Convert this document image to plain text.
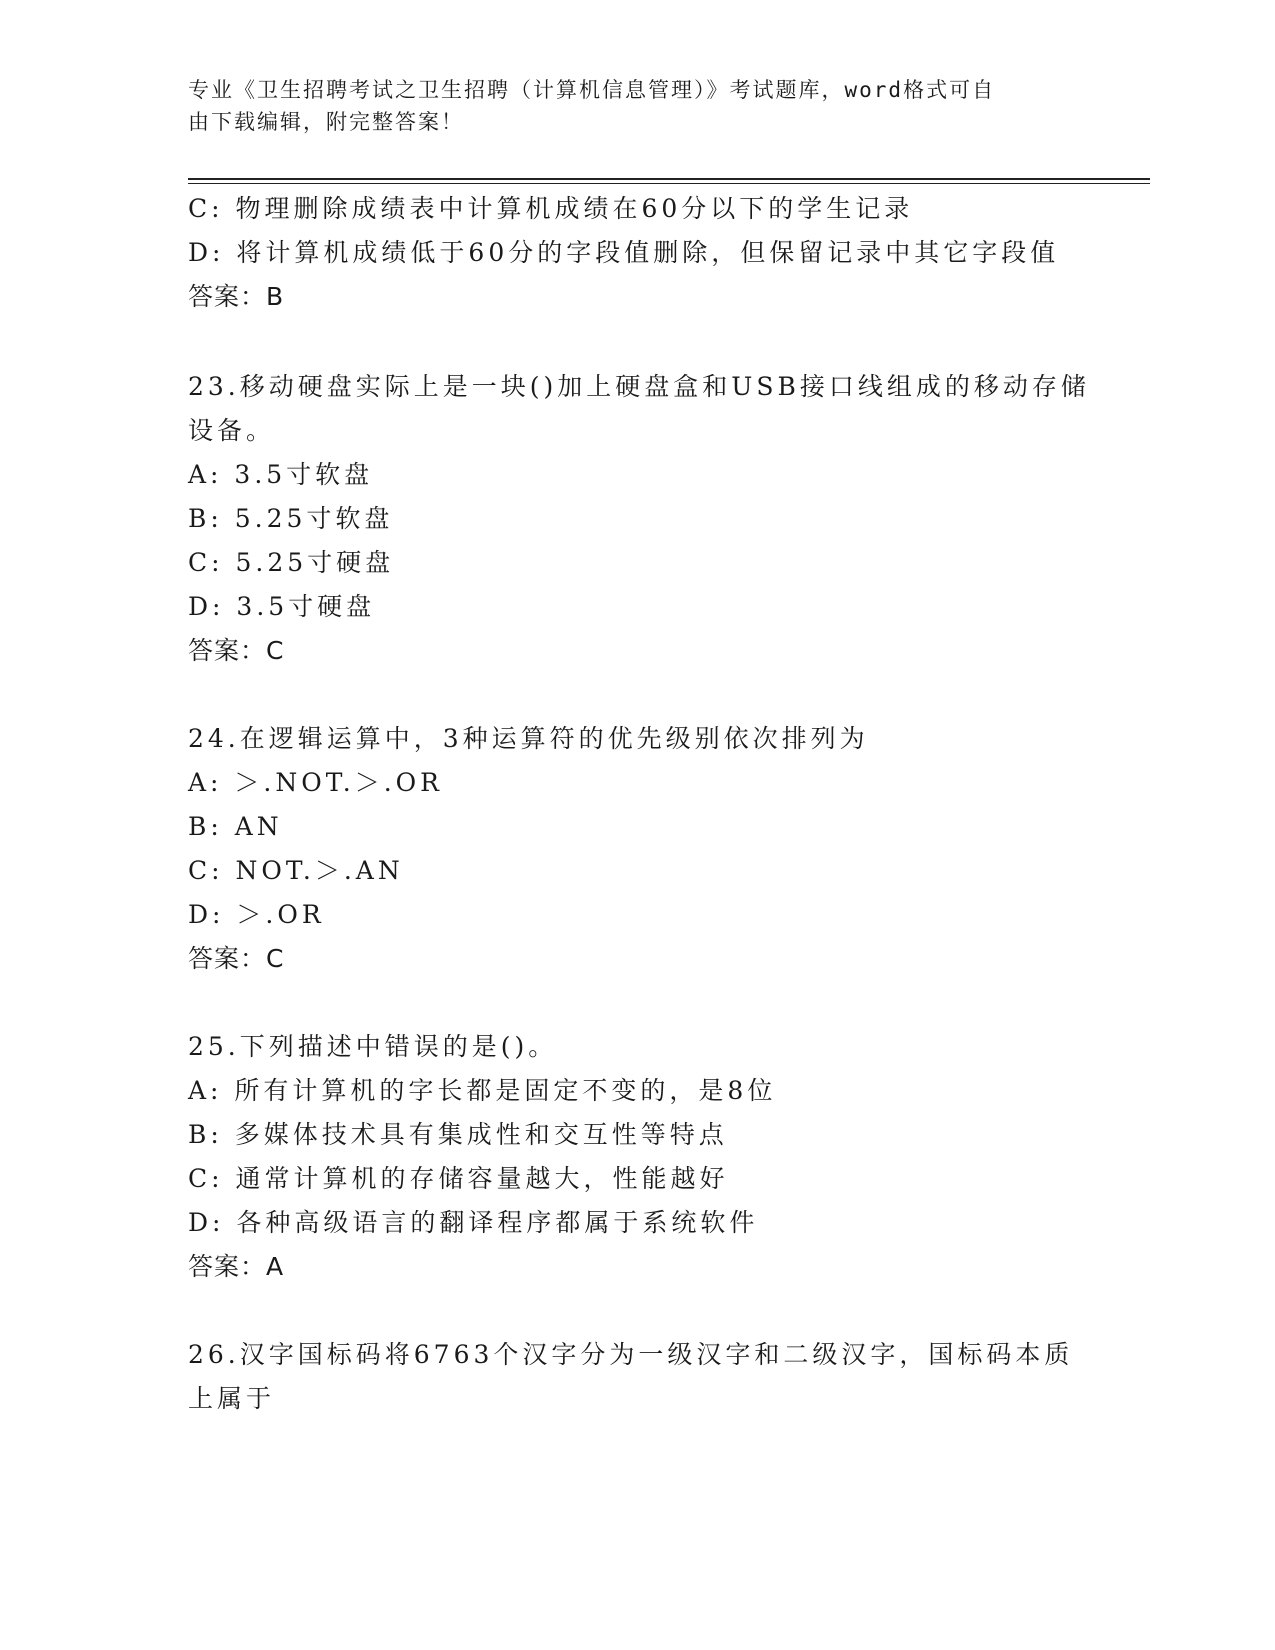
专业《卫生招聘考试之卫生招聘（计算机信息管理）》考试题库，word格式可自
由下载编辑，附完整答案！
C: 物理删除成绩表中计算机成绩在60分以下的学生记录
D: 将计算机成绩低于60分的字段值删除，但保留记录中其它字段值
答案：B
23.移动硬盘实际上是一块()加上硬盘盒和USB接口线组成的移动存储
设备。
A: 3.5寸软盘
B: 5.25寸软盘
C: 5.25寸硬盘
D: 3.5寸硬盘
答案：C
24.在逻辑运算中，3种运算符的优先级别依次排列为
A: ＞.NOT.＞.OR
B: AN
C: NOT.＞.AN
D: ＞.OR
答案：C
25.下列描述中错误的是()。
A: 所有计算机的字长都是固定不变的，是8位
B: 多媒体技术具有集成性和交互性等特点
C: 通常计算机的存储容量越大，性能越好
D: 各种高级语言的翻译程序都属于系统软件
答案：A
26.汉字国标码将6763个汉字分为一级汉字和二级汉字，国标码本质
上属于
